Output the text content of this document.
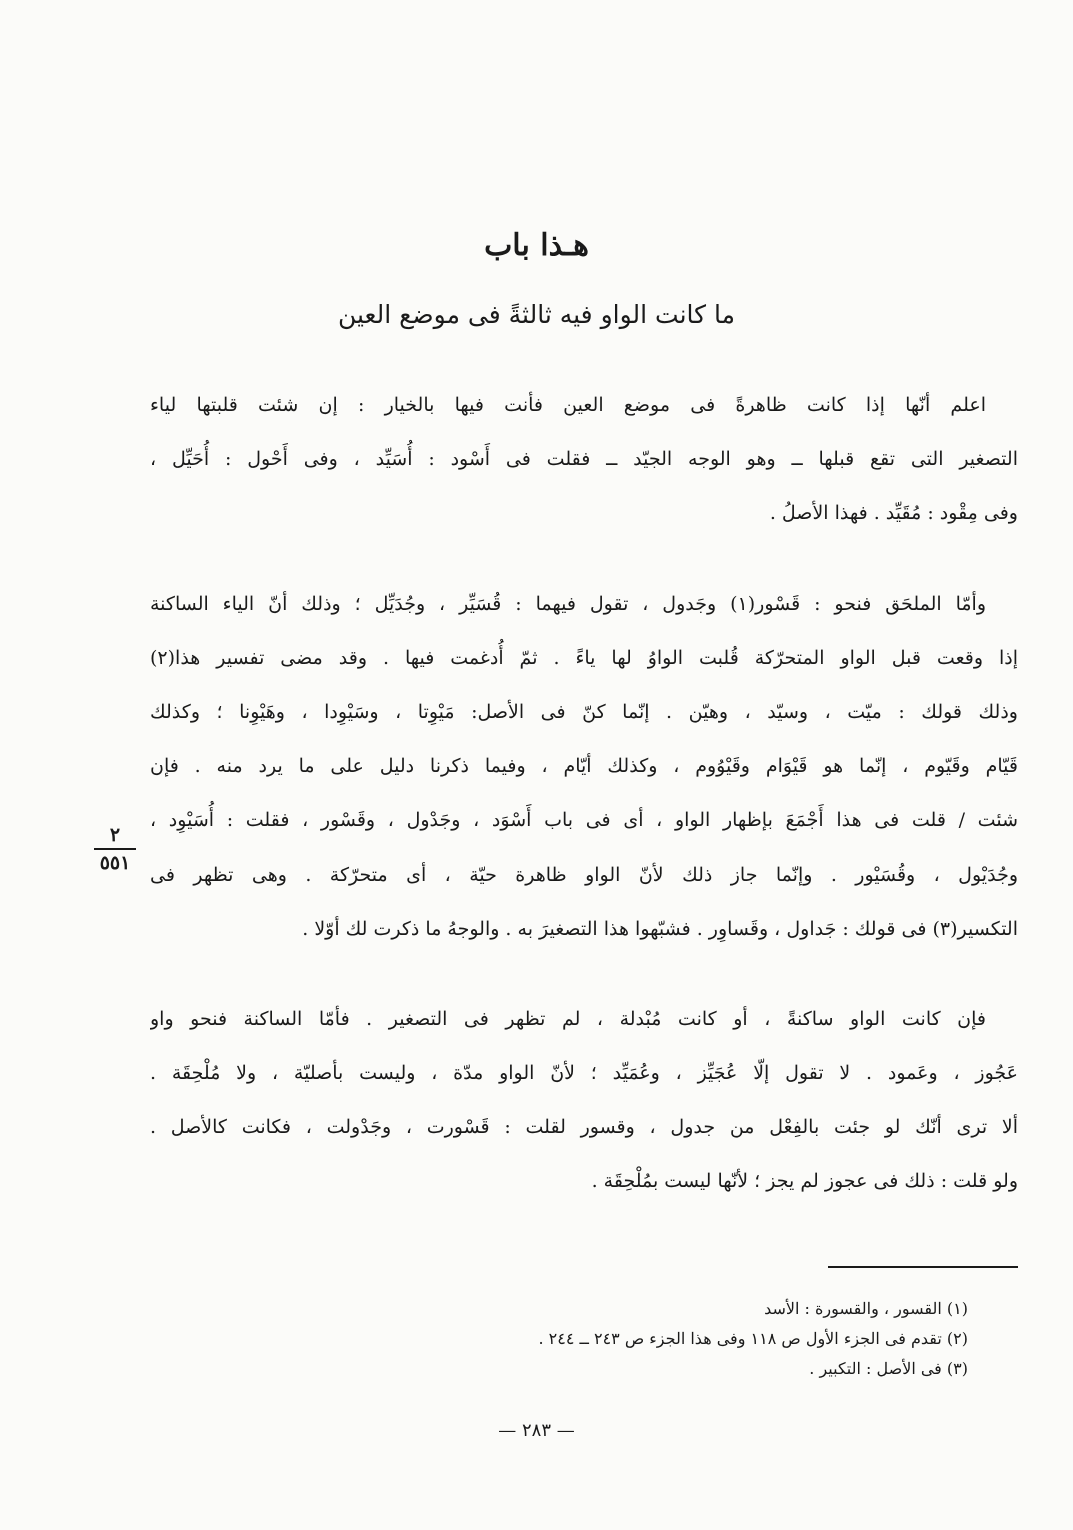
هـذا باب
ما كانت الواو فيه ثالثةً فى موضع العين
اعلم أنّها إذا كانت ظاهرةً فى موضع العين فأنت فيها بالخيار : إن شئت قلبتها لياء
التصغير التى تقع قبلها ــ وهو الوجه الجيّد ــ فقلت فى أَسْود : أُسَيِّد ، وفى أَحْول : أُحَيِّل ،
وفى مِقْود : مُقَيِّد . فهذا الأصلُ .
وأمّا الملحَق فنحو : قَسْور(١) وجَدول ، تقول فيهما : قُسَيِّر ، وجُدَيِّل ؛ وذلك أنّ الياء الساكنة
إذا وقعت قبل الواو المتحرّكة قُلبت الواوُ لها ياءً . ثمّ أُدغمت فيها . وقد مضى تفسير هذا(٢)
وذلك قولك : ميّت ، وسيّد ، وهيّن . إنّما كنّ فى الأصل: مَيْوِتا ، وسَيْوِدا ، وهَيْوِنا ؛ وكذلك
قَيّام وقَيّوم ، إنّما هو قَيْوَام وقَيْوُوم ، وكذلك أيّام ، وفيما ذكرنا دليل على ما يرد منه . فإن
شئت / قلت فى هذا أَجْمَعَ بإظهار الواو ، أى فى باب أَسْوَد ، وجَدْول ، وقَسْور ، فقلت : أُسَيْوِد ،
وجُدَيْول ، وقُسَيْور . وإنّما جاز ذلك لأنّ الواو ظاهرة حيّة ، أى متحرّكة . وهى تظهر فى
التكسير(٣) فى قولك : جَداول ، وقَساوِر . فشبّهوا هذا التصغيرَ به . والوجهُ ما ذكرت لك أوّلا .
فإن كانت الواو ساكنةً ، أو كانت مُبْدلة ، لم تظهر فى التصغير . فأمّا الساكنة فنحو واو
عَجُوز ، وعَمود . لا تقول إلّا عُجَيِّز ، وعُمَيِّد ؛ لأنّ الواو مدّة ، وليست بأصليّة ، ولا مُلْحِقَة .
ألا ترى أنّك لو جئت بالفِعْل من جدول ، وقسور لقلت : قَسْورت ، وجَدْولت ، فكانت كالأصل .
ولو قلت : ذلك فى عجوز لم يجز ؛ لأنّها ليست بمُلْحِقَة .
٢
٥٥١
(١) القسور ، والقسورة : الأسد
(٢) تقدم فى الجزء الأول ص ١١٨ وفى هذا الجزء ص ٢٤٣ ــ ٢٤٤ .
(٣) فى الأصل : التكبير .
— ٢٨٣ —
